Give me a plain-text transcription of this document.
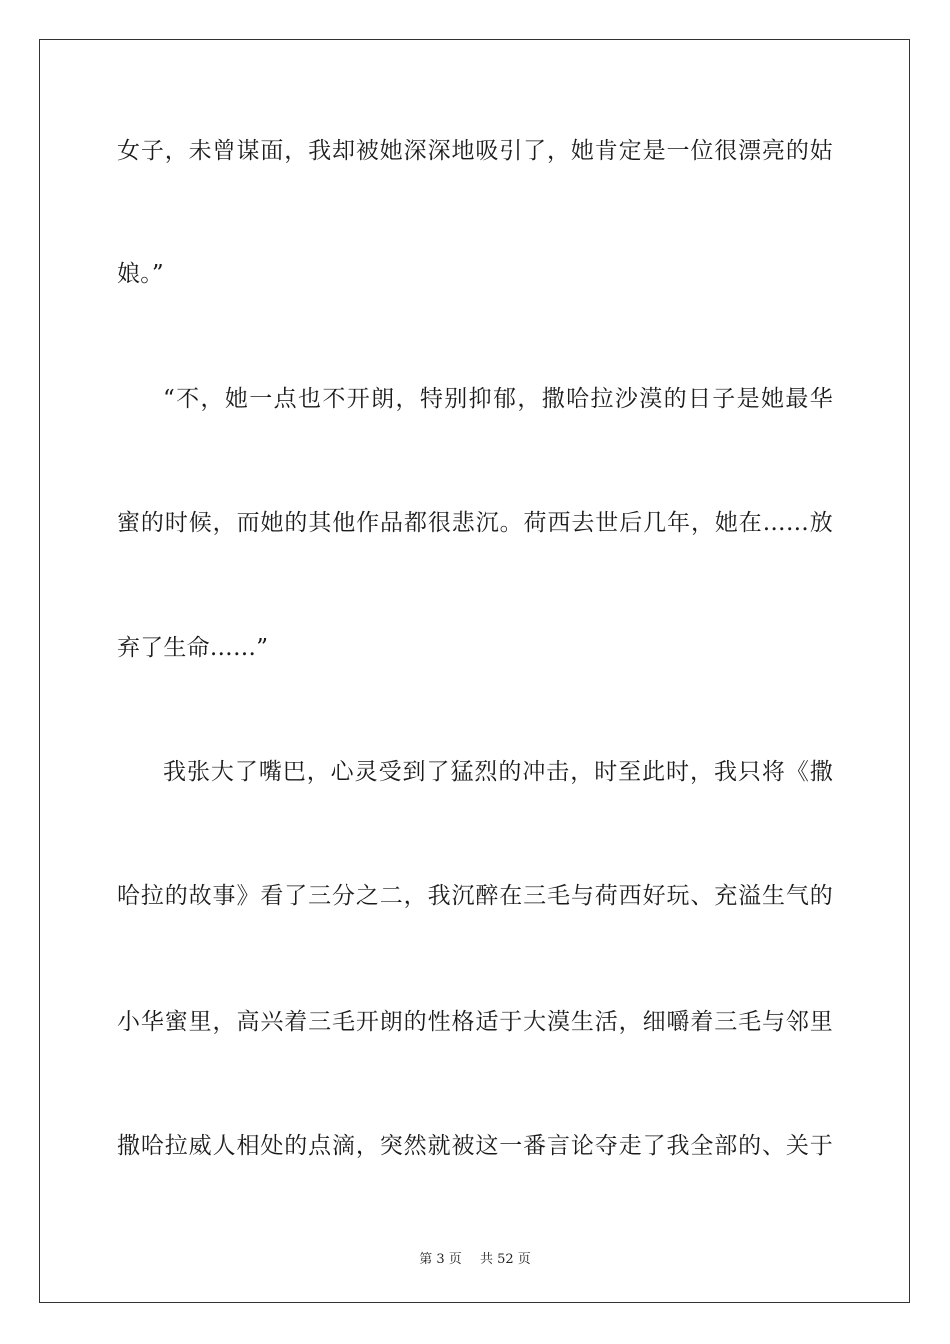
女子，未曾谋面，我却被她深深地吸引了，她肯定是一位很漂亮的姑
娘。”
“不，她一点也不开朗，特别抑郁，撒哈拉沙漠的日子是她最华
蜜的时候，而她的其他作品都很悲沉。荷西去世后几年，她在……放
弃了生命……”
我张大了嘴巴，心灵受到了猛烈的冲击，时至此时，我只将《撒
哈拉的故事》看了三分之二，我沉醉在三毛与荷西好玩、充溢生气的
小华蜜里，高兴着三毛开朗的性格适于大漠生活，细嚼着三毛与邻里
撒哈拉威人相处的点滴，突然就被这一番言论夺走了我全部的、关于
第 3 页 共 52 页
